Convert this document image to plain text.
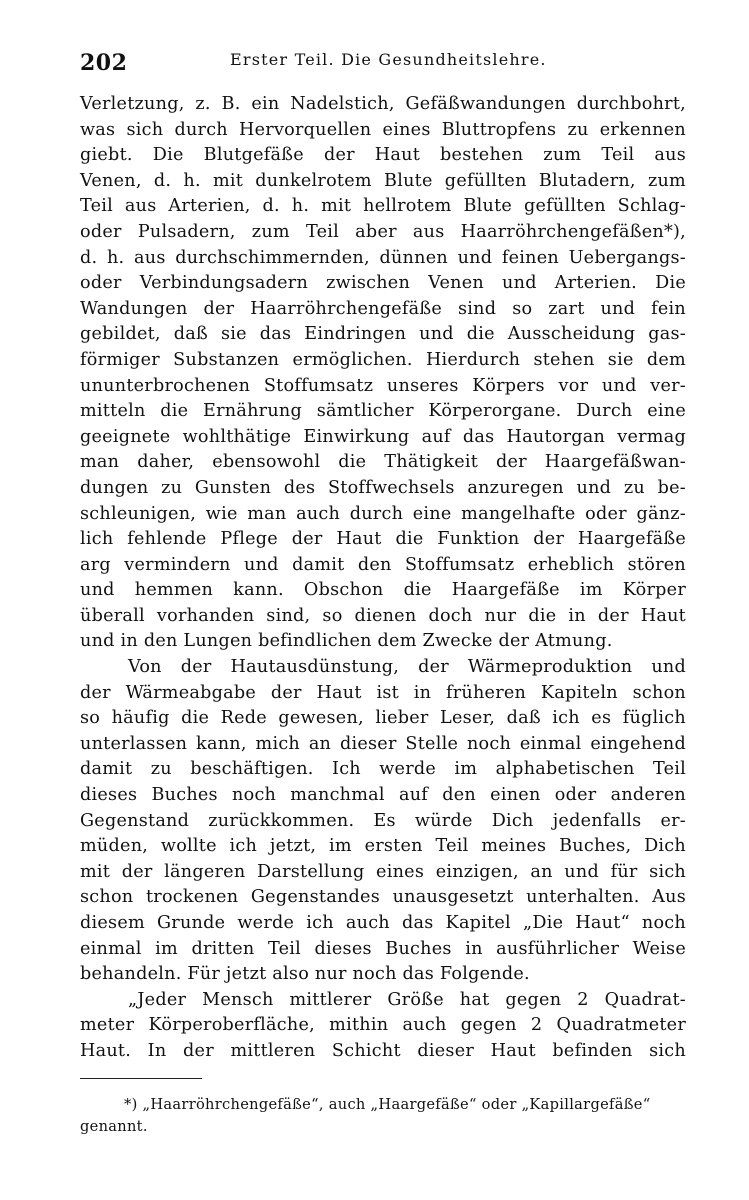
202	Erster Teil. Die Gesundheitslehre.
Verletzung, z. B. ein Nadelstich, Gefäßwandungen durchbohrt,
was sich durch Hervorquellen eines Bluttropfens zu erkennen
giebt. Die Blutgefäße der Haut bestehen zum Teil aus
Venen, d. h. mit dunkelrotem Blute gefüllten Blutadern, zum
Teil aus Arterien, d. h. mit hellrotem Blute gefüllten Schlag-
oder Pulsadern, zum Teil aber aus Haarröhrchengefäßen*),
d. h. aus durchschimmernden, dünnen und feinen Uebergangs-
oder Verbindungsadern zwischen Venen und Arterien. Die
Wandungen der Haarröhrchengefäße sind so zart und fein
gebildet, daß sie das Eindringen und die Ausscheidung gas-
förmiger Substanzen ermöglichen. Hierdurch stehen sie dem
ununterbrochenen Stoffumsatz unseres Körpers vor und ver-
mitteln die Ernährung sämtlicher Körperorgane. Durch eine
geeignete wohlthätige Einwirkung auf das Hautorgan vermag
man daher, ebensowohl die Thätigkeit der Haargefäßwan-
dungen zu Gunsten des Stoffwechsels anzuregen und zu be-
schleunigen, wie man auch durch eine mangelhafte oder gänz-
lich fehlende Pflege der Haut die Funktion der Haargefäße
arg vermindern und damit den Stoffumsatz erheblich stören
und hemmen kann. Obschon die Haargefäße im Körper
überall vorhanden sind, so dienen doch nur die in der Haut
und in den Lungen befindlichen dem Zwecke der Atmung.
Von der Hautausdünstung, der Wärmeproduktion und
der Wärmeabgabe der Haut ist in früheren Kapiteln schon
so häufig die Rede gewesen, lieber Leser, daß ich es füglich
unterlassen kann, mich an dieser Stelle noch einmal eingehend
damit zu beschäftigen. Ich werde im alphabetischen Teil
dieses Buches noch manchmal auf den einen oder anderen
Gegenstand zurückkommen. Es würde Dich jedenfalls er-
müden, wollte ich jetzt, im ersten Teil meines Buches, Dich
mit der längeren Darstellung eines einzigen, an und für sich
schon trockenen Gegenstandes unausgesetzt unterhalten. Aus
diesem Grunde werde ich auch das Kapitel „Die Haut“ noch
einmal im dritten Teil dieses Buches in ausführlicher Weise
behandeln. Für jetzt also nur noch das Folgende.
„Jeder Mensch mittlerer Größe hat gegen 2 Quadrat-
meter Körperoberfläche, mithin auch gegen 2 Quadratmeter
Haut. In der mittleren Schicht dieser Haut befinden sich
*) „Haarröhrchengefäße“, auch „Haargefäße“ oder „Kapillargefäße“
genannt.
